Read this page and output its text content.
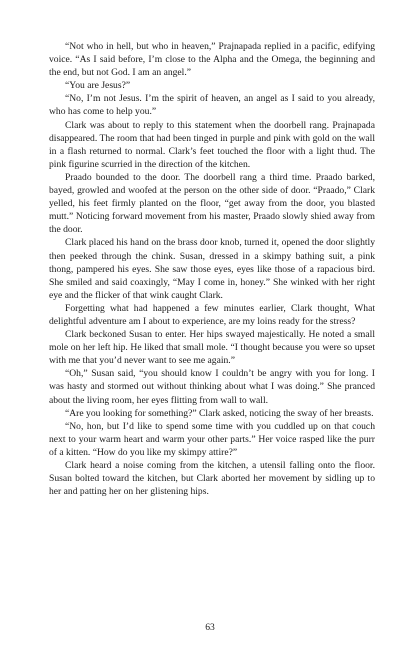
“Not who in hell, but who in heaven,” Prajnapada replied in a pacific, edifying voice. “As I said before, I’m close to the Alpha and the Omega, the beginning and the end, but not God. I am an angel.”

“You are Jesus?”

“No, I’m not Jesus. I’m the spirit of heaven, an angel as I said to you already, who has come to help you.”

Clark was about to reply to this statement when the doorbell rang. Prajnapada disappeared. The room that had been tinged in purple and pink with gold on the wall in a flash returned to normal. Clark’s feet touched the floor with a light thud. The pink figurine scurried in the direction of the kitchen.

Praado bounded to the door. The doorbell rang a third time. Praado barked, bayed, growled and woofed at the person on the other side of door. “Praado,” Clark yelled, his feet firmly planted on the floor, “get away from the door, you blasted mutt.” Noticing forward movement from his master, Praado slowly shied away from the door.

Clark placed his hand on the brass door knob, turned it, opened the door slightly then peeked through the chink. Susan, dressed in a skimpy bathing suit, a pink thong, pampered his eyes. She saw those eyes, eyes like those of a rapacious bird. She smiled and said coaxingly, “May I come in, honey.” She winked with her right eye and the flicker of that wink caught Clark.

Forgetting what had happened a few minutes earlier, Clark thought, What delightful adventure am I about to experience, are my loins ready for the stress?

Clark beckoned Susan to enter. Her hips swayed majestically. He noted a small mole on her left hip. He liked that small mole. “I thought because you were so upset with me that you’d never want to see me again.”

“Oh,” Susan said, “you should know I couldn’t be angry with you for long. I was hasty and stormed out without thinking about what I was doing.” She pranced about the living room, her eyes flitting from wall to wall.

“Are you looking for something?” Clark asked, noticing the sway of her breasts.

“No, hon, but I’d like to spend some time with you cuddled up on that couch next to your warm heart and warm your other parts.” Her voice rasped like the purr of a kitten. “How do you like my skimpy attire?”

Clark heard a noise coming from the kitchen, a utensil falling onto the floor. Susan bolted toward the kitchen, but Clark aborted her movement by sidling up to her and patting her on her glistening hips.

63
